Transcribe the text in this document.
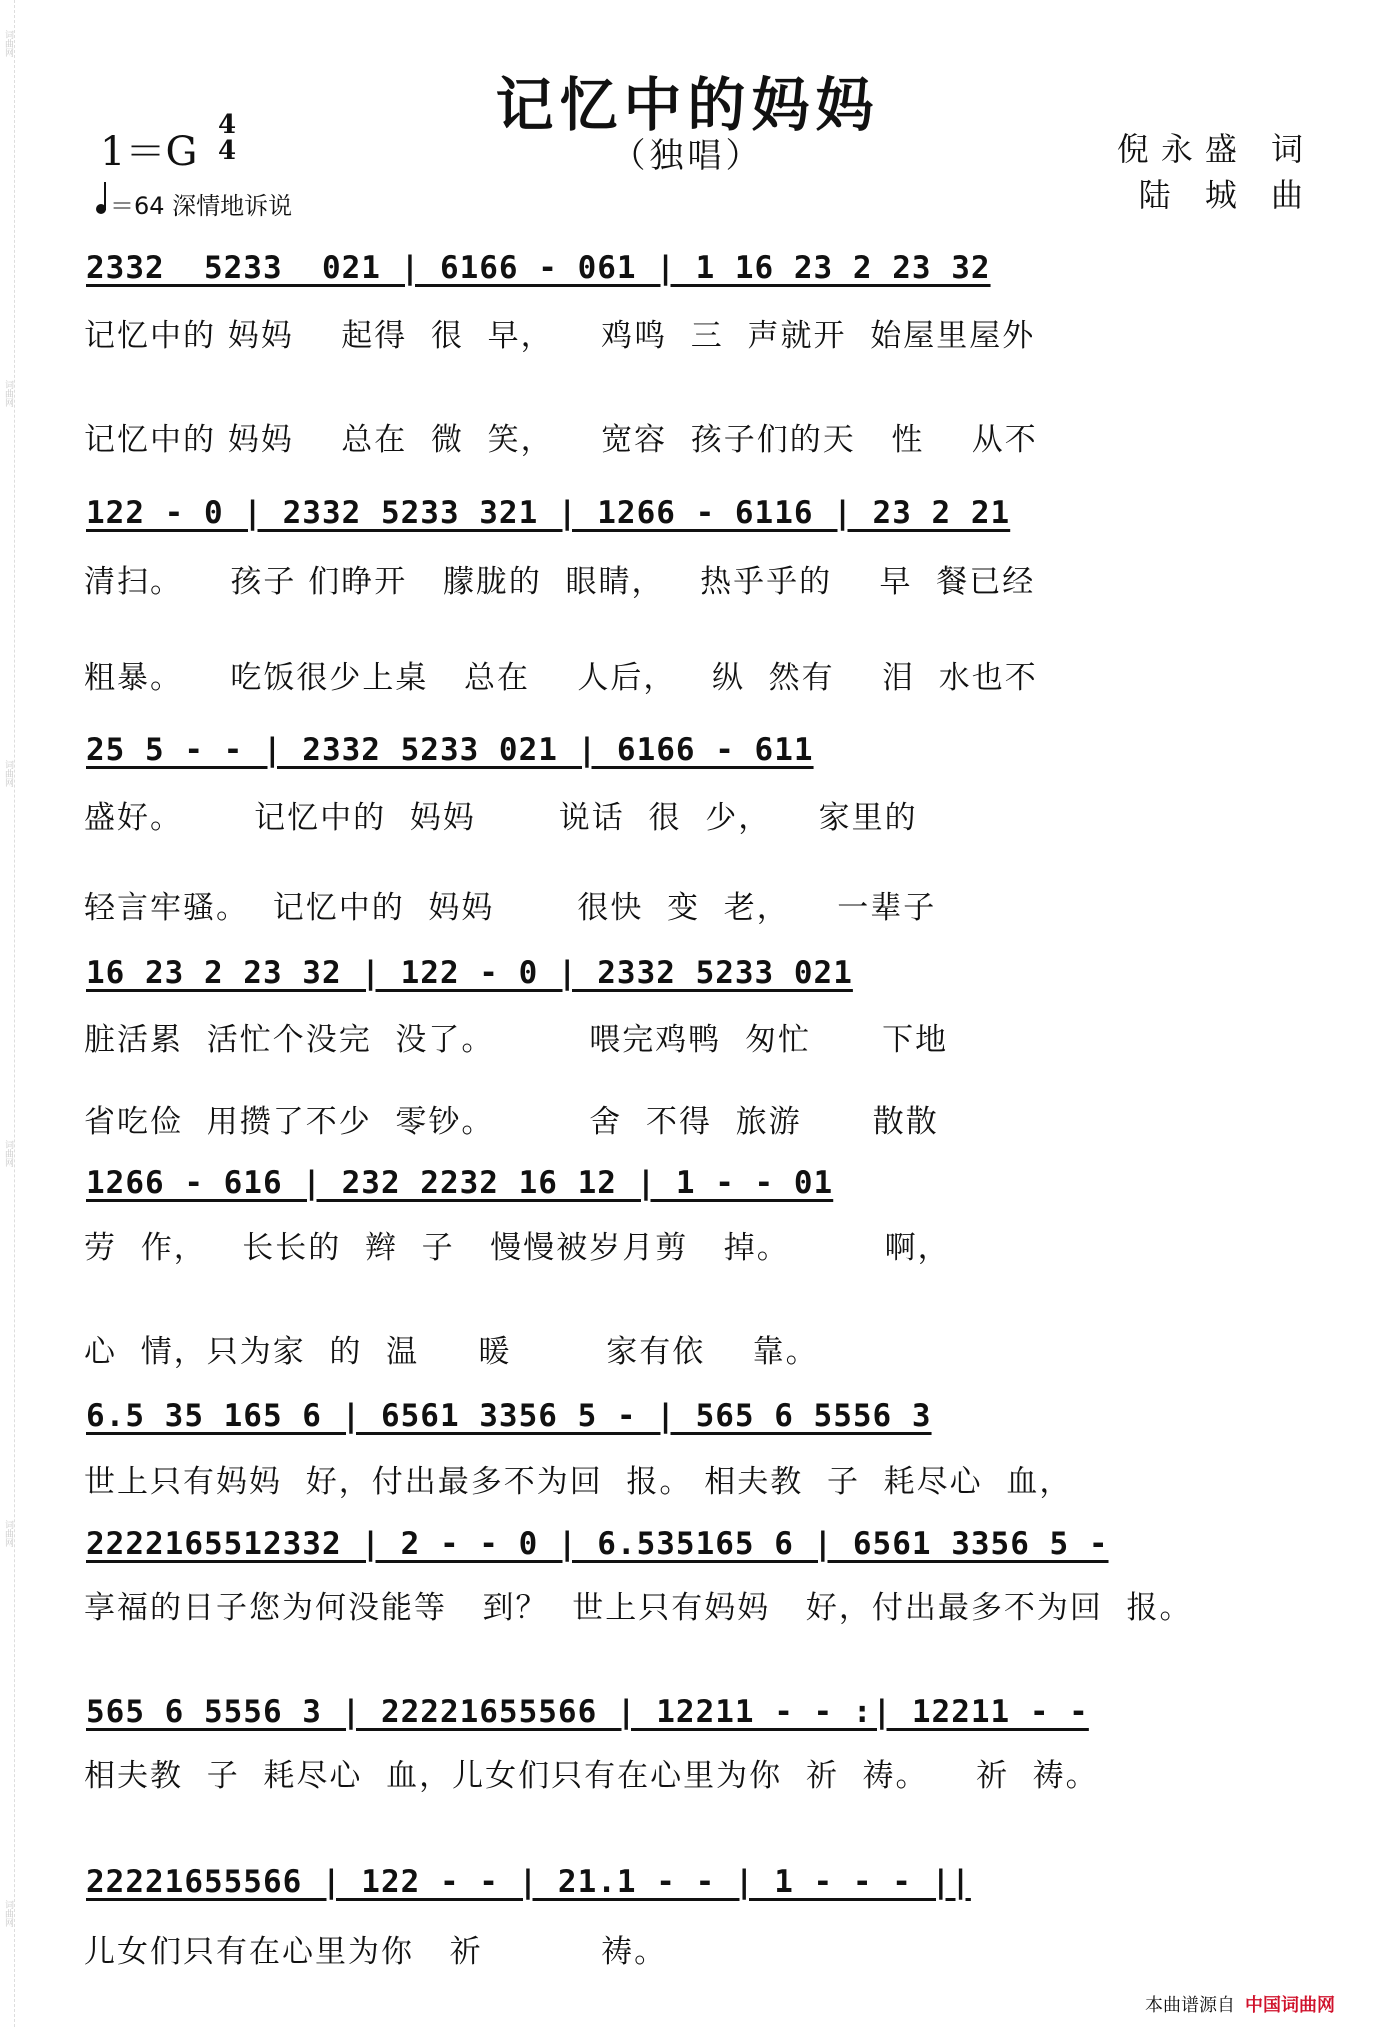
词曲网
词曲网
词曲网
词曲网
词曲网
词曲网
记忆中的妈妈
（独唱）
1＝G
4
4
＝64 深情地诉说
倪永盛 词
陆 城 曲
2332  5233  021 | 6166 - 061 | 1 16 23 2 23 32
记忆中的 妈妈    起得  很  早，    鸡鸣  三  声就开  始屋里屋外
记忆中的 妈妈    总在  微  笑，    宽容  孩子们的天   性    从不
122 - 0 | 2332 5233 321 | 1266 - 6116 | 23 2 21
清扫。    孩子 们睁开   朦胧的  眼睛，   热乎乎的    早  餐已经
粗暴。    吃饭很少上桌   总在    人后，   纵  然有    泪  水也不
25 5 - - | 2332 5233 021 | 6166 - 611
盛好。      记忆中的  妈妈       说话  很  少，    家里的
轻言牢骚。  记忆中的  妈妈       很快  变  老，    一辈子
16 23 2 23 32 | 122 - 0 | 2332 5233 021
脏活累  活忙个没完  没了。        喂完鸡鸭  匆忙      下地
省吃俭  用攒了不少  零钞。        舍  不得  旅游      散散
1266 - 616 | 232 2232 16 12 | 1 - - 01
劳  作，   长长的  辫  子   慢慢被岁月剪   掉。        啊，
心  情，只为家  的  温     暖        家有依    靠。
6.5 35 165 6 | 6561 3356 5 - | 565 6 5556 3
世上只有妈妈  好，付出最多不为回  报。 相夫教  子  耗尽心  血，
2222165512332 | 2 - - 0 | 6.535165 6 | 6561 3356 5 -
享福的日子您为何没能等   到？  世上只有妈妈   好，付出最多不为回  报。
565 6 5556 3 | 22221655566 | 12211 - - :| 12211 - -
相夫教  子  耗尽心  血，儿女们只有在心里为你  祈  祷。    祈  祷。
22221655566 | 122 - - | 21.1 - - | 1 - - - ||
儿女们只有在心里为你   祈          祷。
本曲谱源自 中国词曲网
